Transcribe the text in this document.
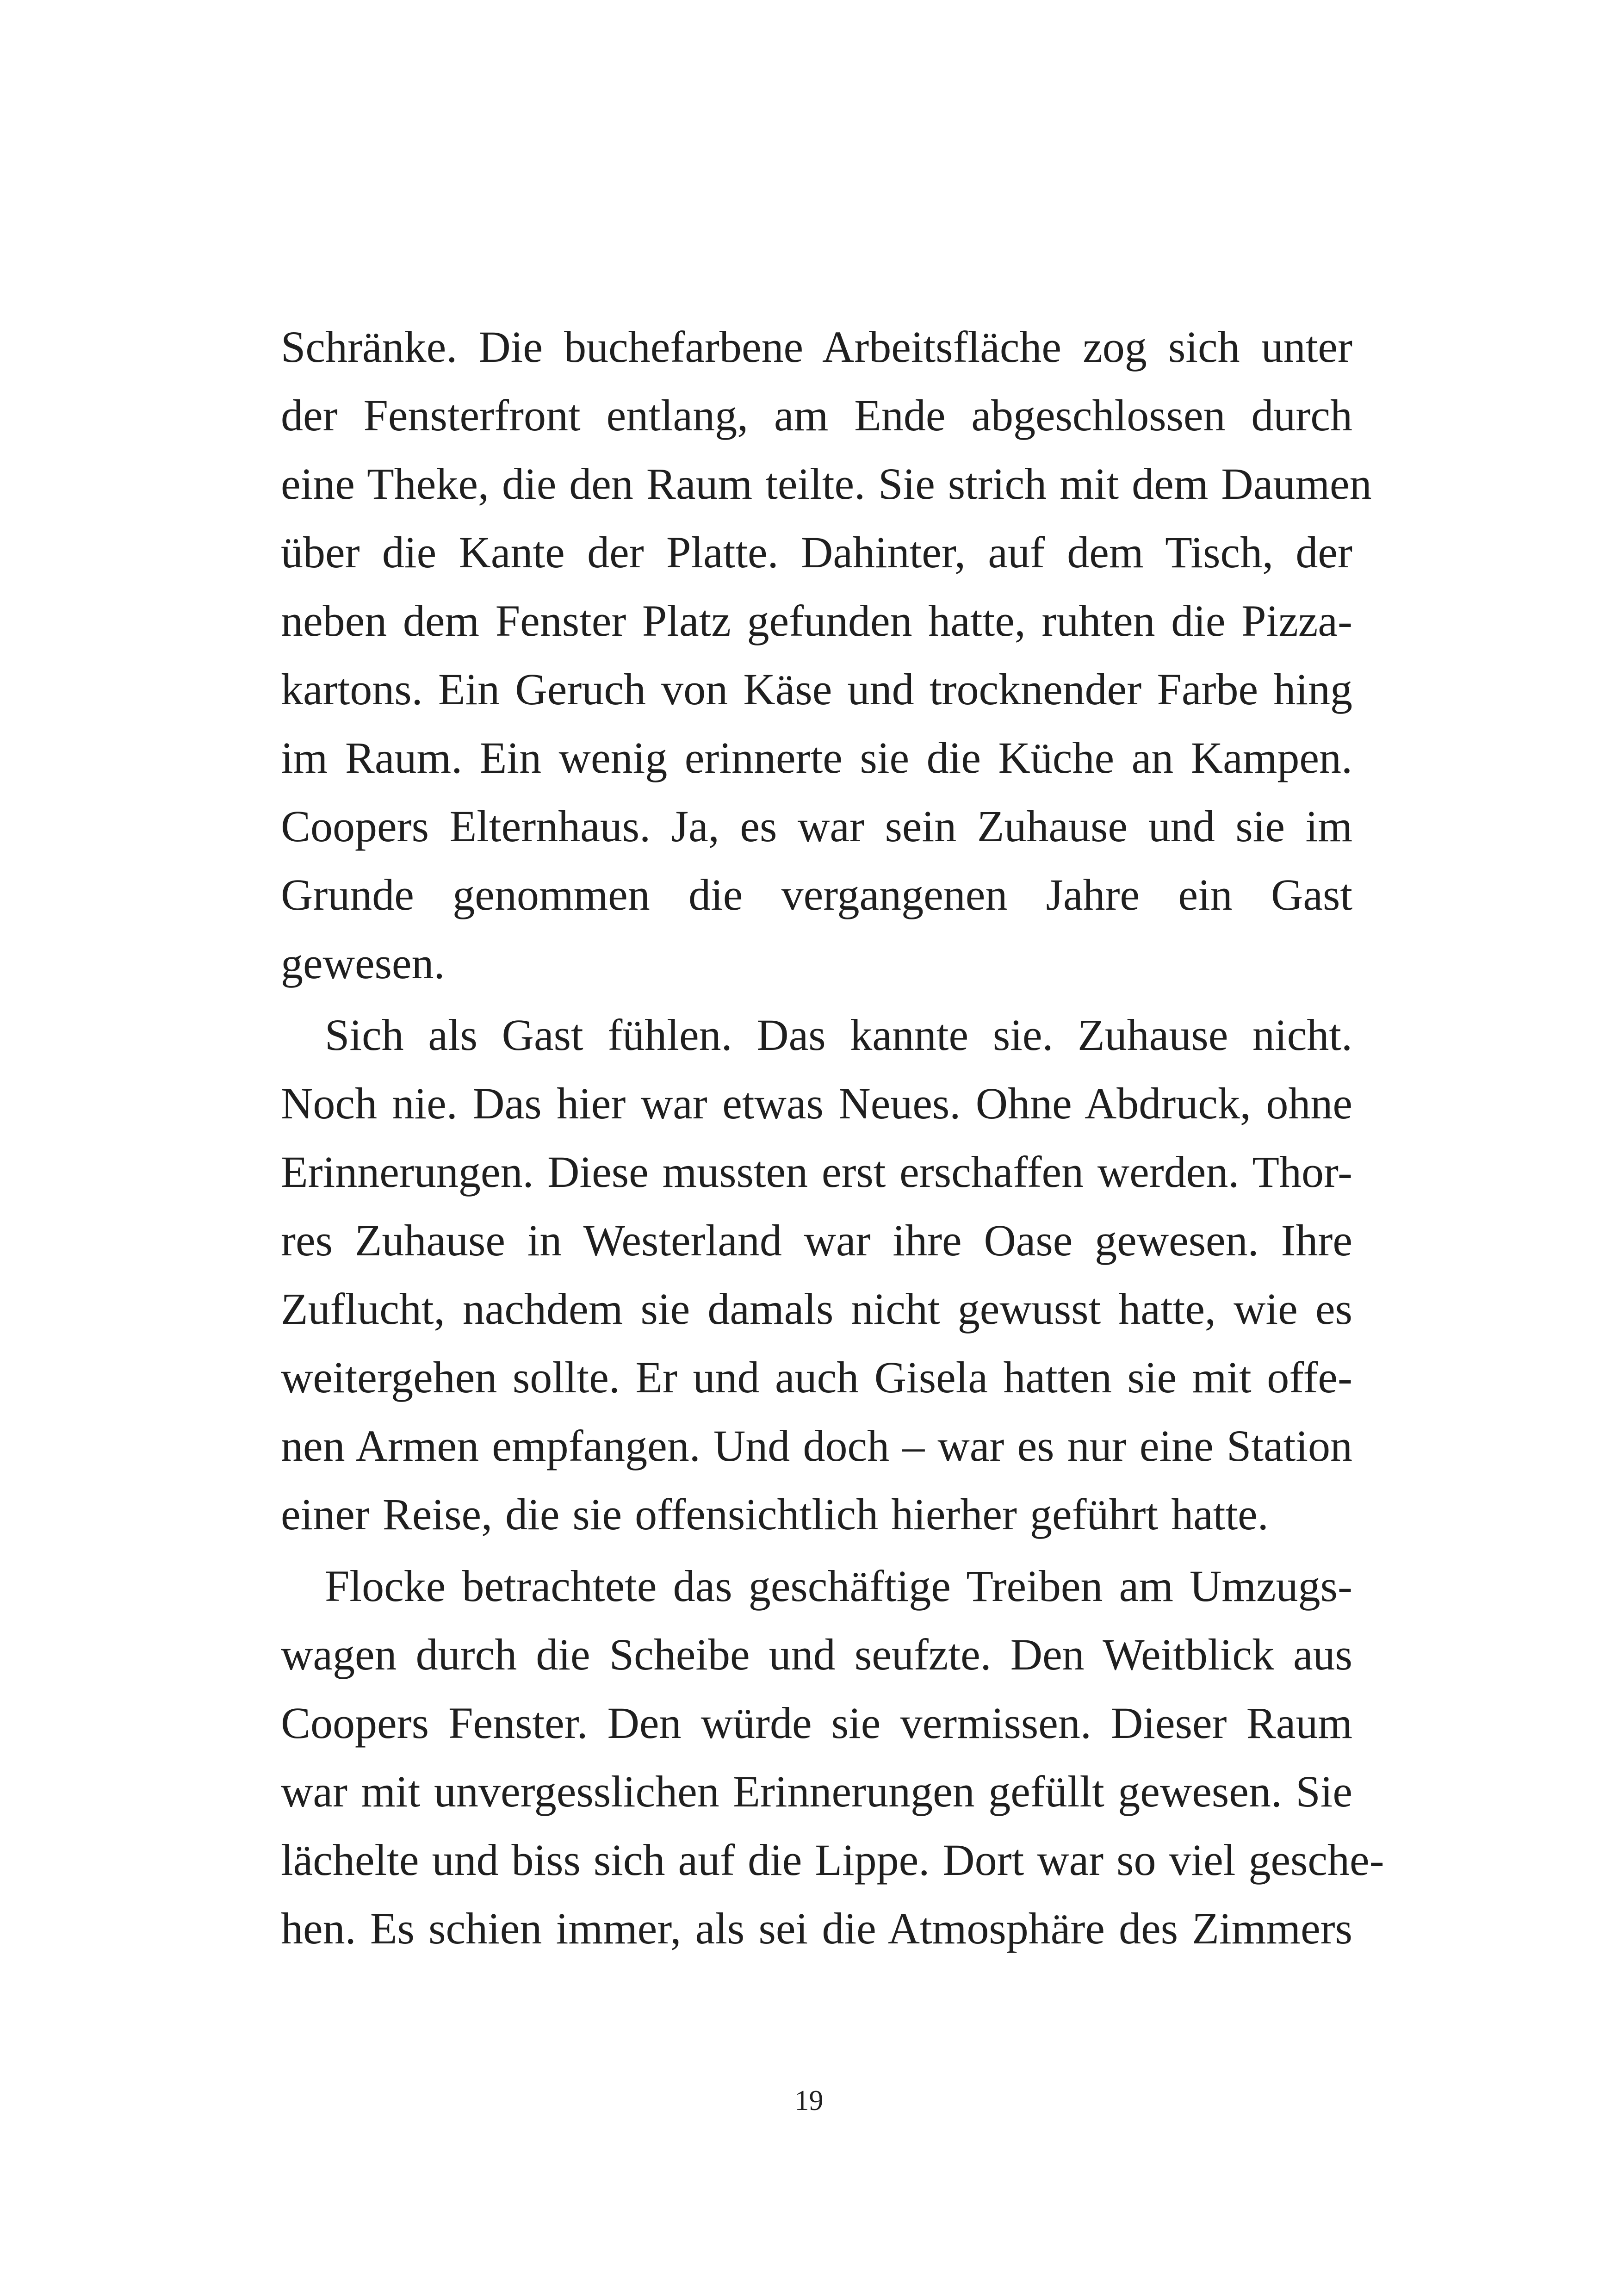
Schränke. Die buchefarbene Arbeitsfläche zog sich unter
der Fensterfront entlang, am Ende abgeschlossen durch
eine Theke, die den Raum teilte. Sie strich mit dem Daumen
über die Kante der Platte. Dahinter, auf dem Tisch, der
neben dem Fenster Platz gefunden hatte, ruhten die Pizza-
kartons. Ein Geruch von Käse und trocknender Farbe hing
im Raum. Ein wenig erinnerte sie die Küche an Kampen.
Coopers Elternhaus. Ja, es war sein Zuhause und sie im
Grunde genommen die vergangenen Jahre ein Gast
gewesen.
Sich als Gast fühlen. Das kannte sie. Zuhause nicht.
Noch nie. Das hier war etwas Neues. Ohne Abdruck, ohne
Erinnerungen. Diese mussten erst erschaffen werden. Thor-
res Zuhause in Westerland war ihre Oase gewesen. Ihre
Zuflucht, nachdem sie damals nicht gewusst hatte, wie es
weitergehen sollte. Er und auch Gisela hatten sie mit offe-
nen Armen empfangen. Und doch – war es nur eine Station
einer Reise, die sie offensichtlich hierher geführt hatte.
Flocke betrachtete das geschäftige Treiben am Umzugs-
wagen durch die Scheibe und seufzte. Den Weitblick aus
Coopers Fenster. Den würde sie vermissen. Dieser Raum
war mit unvergesslichen Erinnerungen gefüllt gewesen. Sie
lächelte und biss sich auf die Lippe. Dort war so viel gesche-
hen. Es schien immer, als sei die Atmosphäre des Zimmers
19
